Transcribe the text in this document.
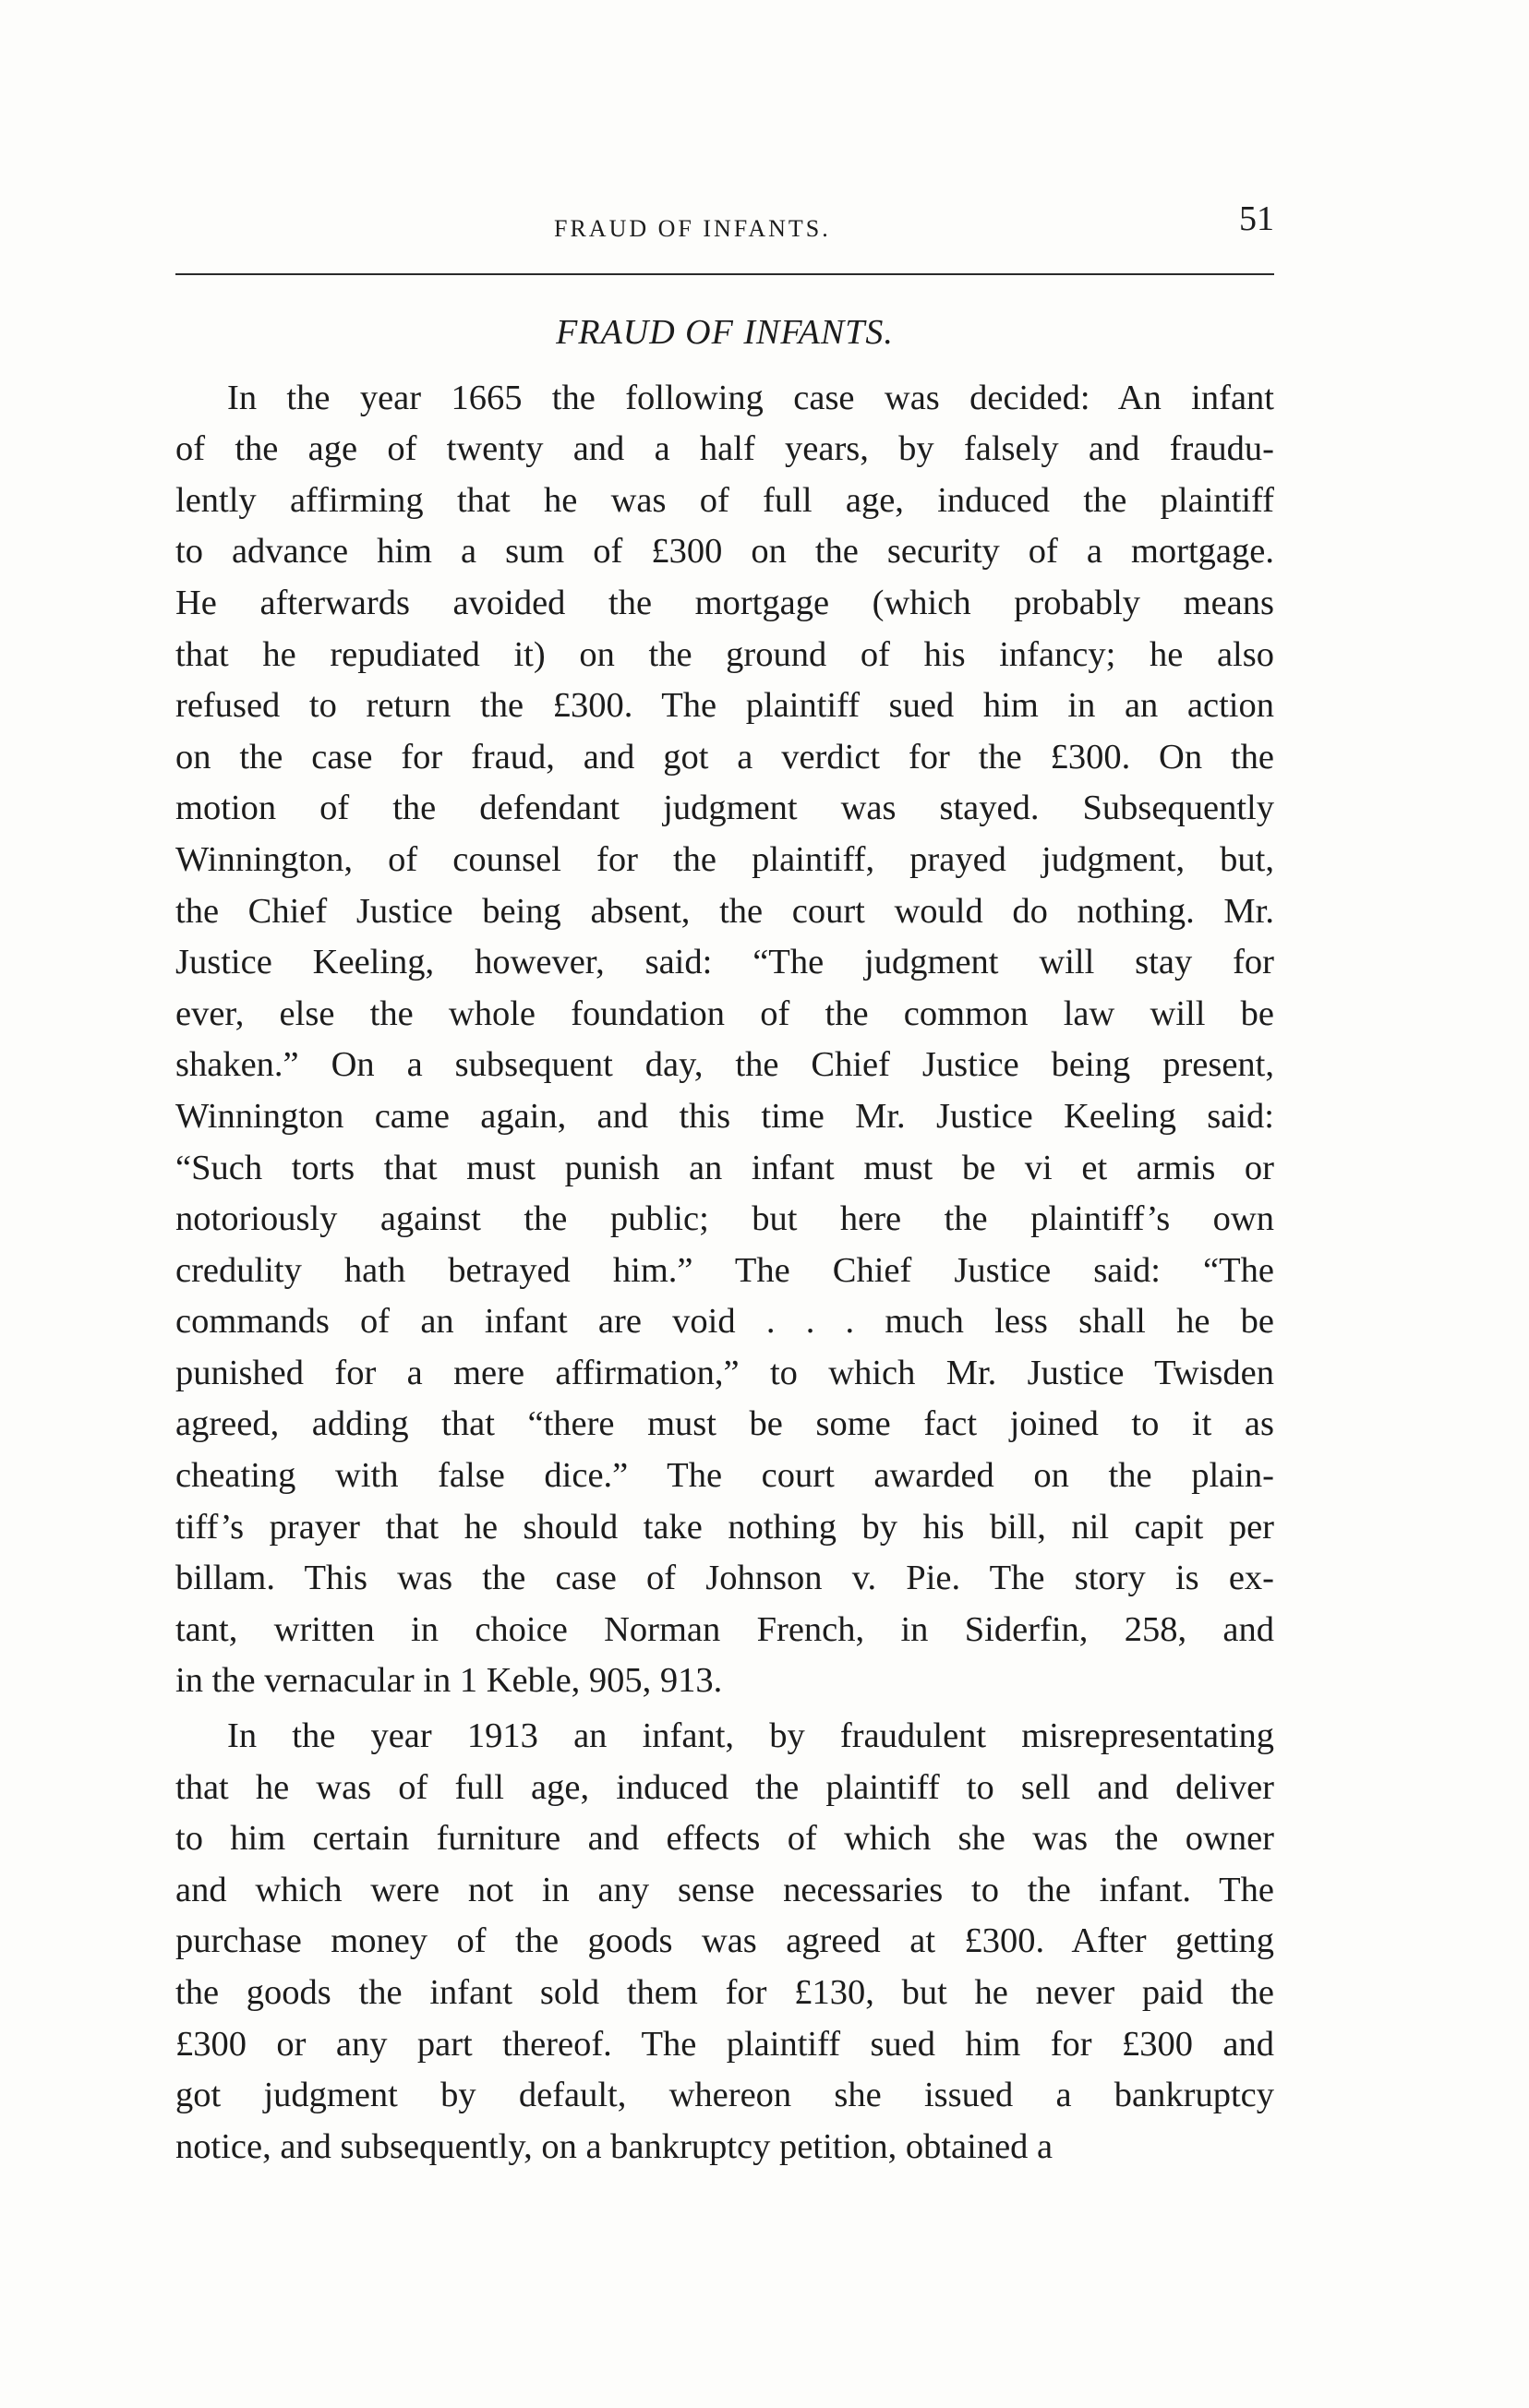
FRAUD OF INFANTS.	51
FRAUD OF INFANTS.
In the year 1665 the following case was decided: An infant
of the age of twenty and a half years, by falsely and fraudu-
lently affirming that he was of full age, induced the plaintiff
to advance him a sum of £300 on the security of a mortgage.
He afterwards avoided the mortgage (which probably means
that he repudiated it) on the ground of his infancy; he also
refused to return the £300. The plaintiff sued him in an action
on the case for fraud, and got a verdict for the £300. On the
motion of the defendant judgment was stayed. Subsequently
Winnington, of counsel for the plaintiff, prayed judgment, but,
the Chief Justice being absent, the court would do nothing. Mr.
Justice Keeling, however, said: “The judgment will stay for
ever, else the whole foundation of the common law will be
shaken.” On a subsequent day, the Chief Justice being present,
Winnington came again, and this time Mr. Justice Keeling said:
“Such torts that must punish an infant must be vi et armis or
notoriously against the public; but here the plaintiff’s own
credulity hath betrayed him.” The Chief Justice said: “The
commands of an infant are void . . . much less shall he be
punished for a mere affirmation,” to which Mr. Justice Twisden
agreed, adding that “there must be some fact joined to it as
cheating with false dice.” The court awarded on the plain-
tiff’s prayer that he should take nothing by his bill, nil capit per
billam. This was the case of Johnson v. Pie. The story is ex-
tant, written in choice Norman French, in Siderfin, 258, and
in the vernacular in 1 Keble, 905, 913.
In the year 1913 an infant, by fraudulent misrepresentating
that he was of full age, induced the plaintiff to sell and deliver
to him certain furniture and effects of which she was the owner
and which were not in any sense necessaries to the infant. The
purchase money of the goods was agreed at £300. After getting
the goods the infant sold them for £130, but he never paid the
£300 or any part thereof. The plaintiff sued him for £300 and
got judgment by default, whereon she issued a bankruptcy
notice, and subsequently, on a bankruptcy petition, obtained a
